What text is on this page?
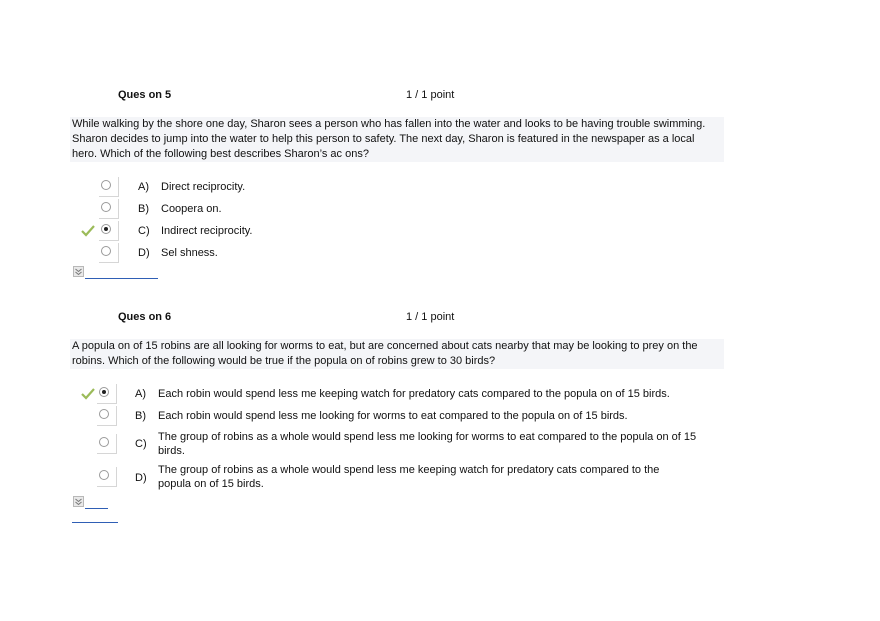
Ques on 5	1 / 1 point
While walking by the shore one day, Sharon sees a person who has fallen into the water and looks to be having trouble swimming.
Sharon decides to jump into the water to help this person to safety. The next day, Sharon is featured in the newspaper as a local
hero. Which of the following best describes Sharon’s ac ons?
A) Direct reciprocity.
B) Coopera on.
C) Indirect reciprocity.
D) Sel shness.
Ques on 6	1 / 1 point
A popula on of 15 robins are all looking for worms to eat, but are concerned about cats nearby that may be looking to prey on the
robins. Which of the following would be true if the popula on of robins grew to 30 birds?
A) Each robin would spend less me keeping watch for predatory cats compared to the popula on of 15 birds.
B) Each robin would spend less me looking for worms to eat compared to the popula on of 15 birds.
C)
The group of robins as a whole would spend less me looking for worms to eat compared to the popula on of 15
birds.
D)
The group of robins as a whole would spend less me keeping watch for predatory cats compared to the
popula on of 15 birds.
